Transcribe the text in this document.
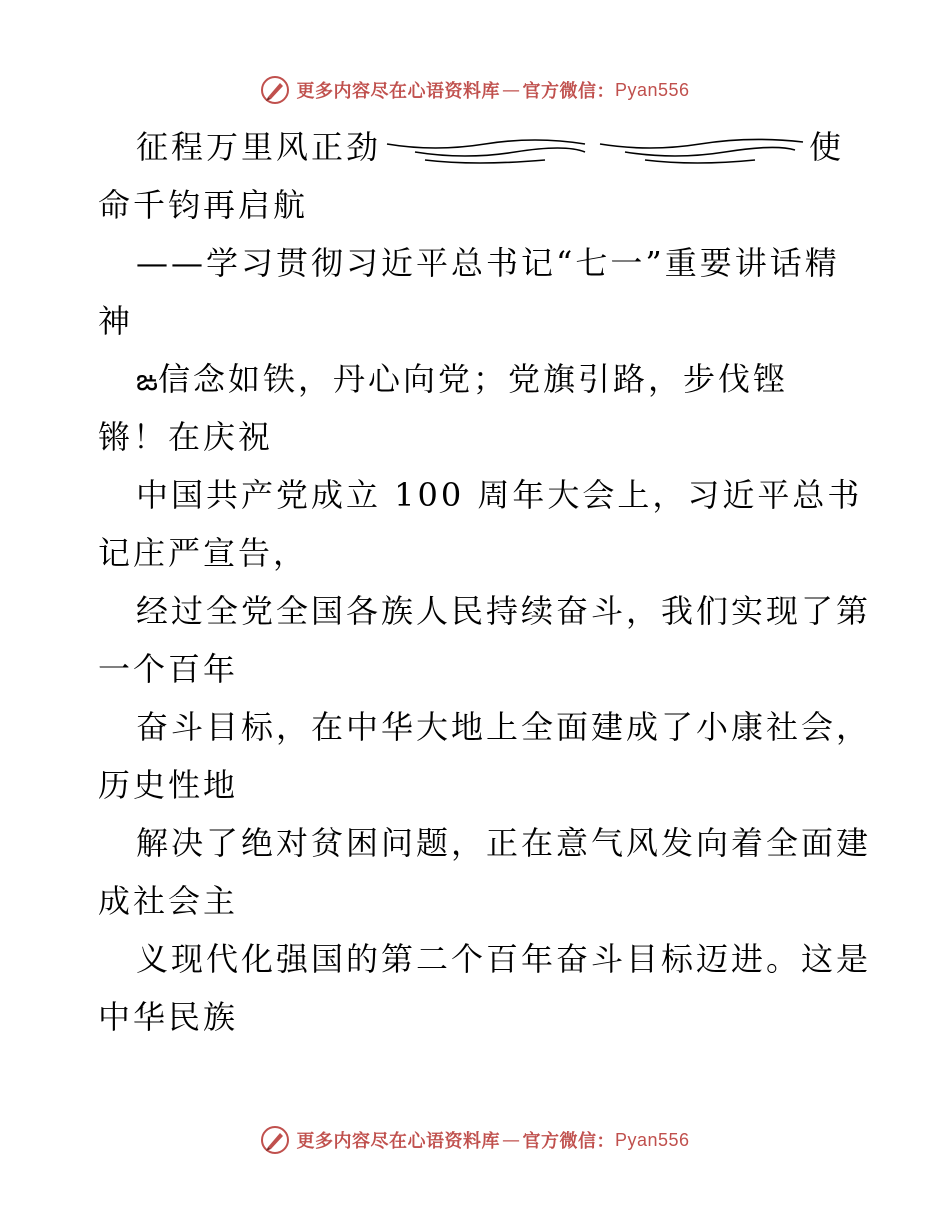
更多内容尽在心语资料库 — 官方微信： Pyan556
征程万里风正劲	使
命千钧再启航
——学习贯彻习近平总书记“七一”重要讲话精
神
ఙ信念如铁，丹心向党；党旗引路，步伐铿
锵！在庆祝
中国共产党成立 100 周年大会上，习近平总书
记庄严宣告，
经过全党全国各族人民持续奋斗，我们实现了第
一个百年
奋斗目标，在中华大地上全面建成了小康社会，
历史性地
解决了绝对贫困问题，正在意气风发向着全面建
成社会主
义现代化强国的第二个百年奋斗目标迈进。这是
中华民族
更多内容尽在心语资料库 — 官方微信： Pyan556
